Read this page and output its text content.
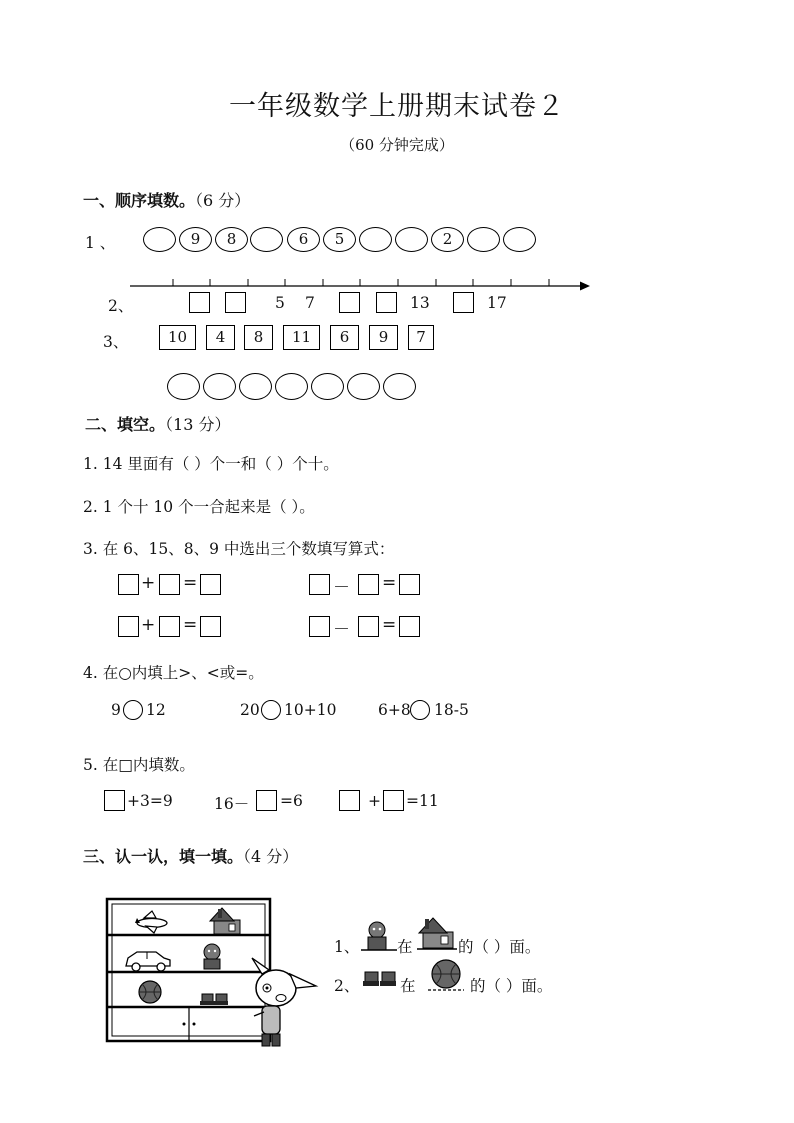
一年级数学上册期末试卷２
（60 分钟完成）
一、顺序填数。（6 分）
1 、	9	8	6	5	2
2、	5 7	13	17
3、	10	4	8	11	6	9	7
二、填空。（13 分）
1. 14 里面有（ ）个一和（ ）个十。
2. 1 个十 10 个一合起来是（ ）。
3. 在 6、15、8、9 中选出三个数填写算式：
+ =	－ =
+ =	－ =
4. 在○内填上>、<或=。
9 12	20 10+10	6+8 18-5
5. 在□内填数。
+3=9	16－ =6	+ =11
三、认一认，填一填。（4 分）
1、 在	的（ ）面。
2、	在	的（ ）面。
